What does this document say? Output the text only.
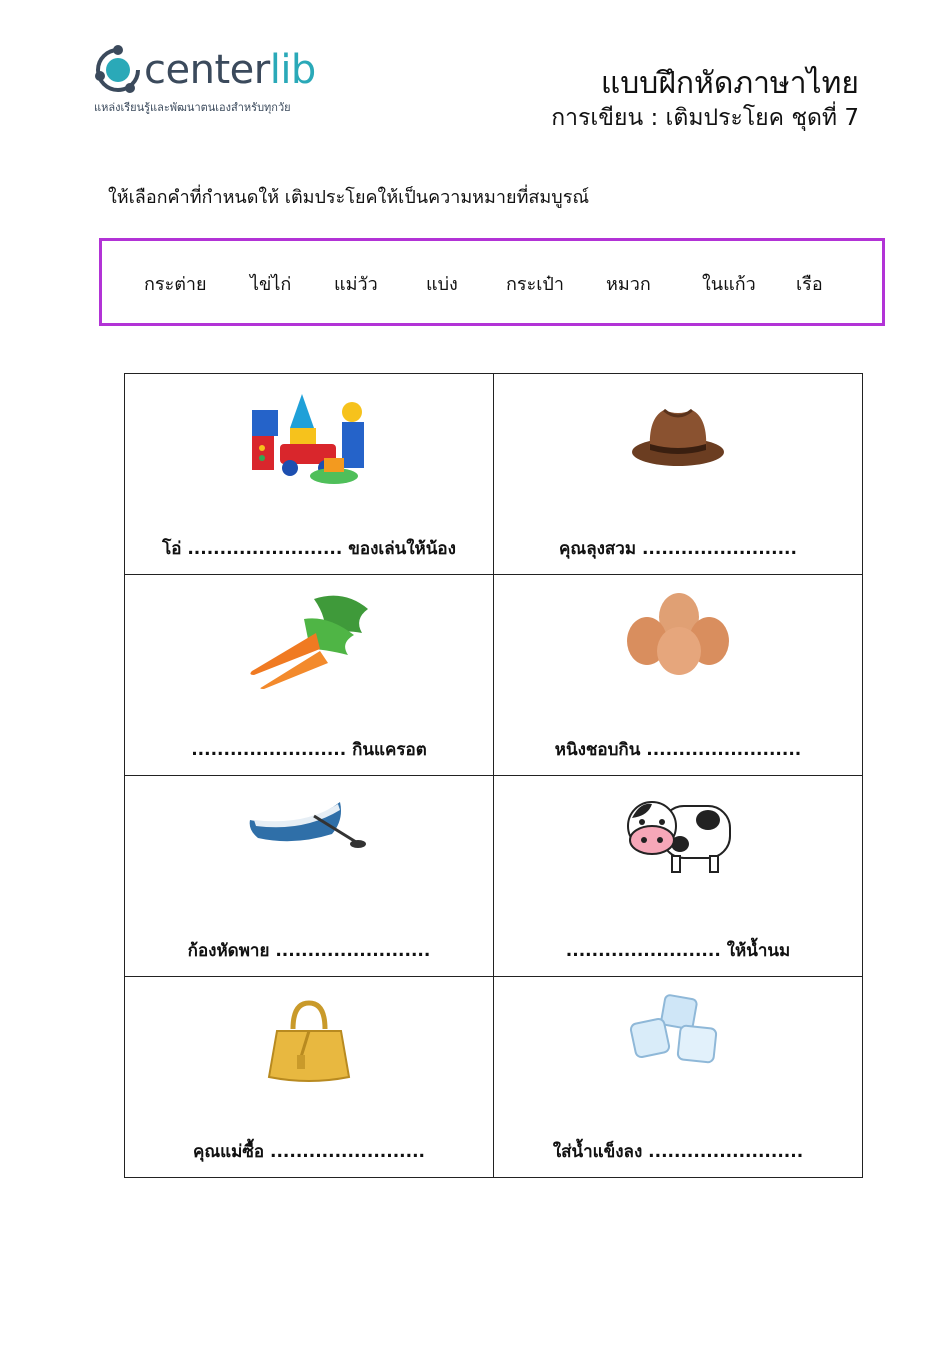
centerlib
แหล่งเรียนรู้และพัฒนาตนเองสำหรับทุกวัย
แบบฝึกหัดภาษาไทย
การเขียน : เติมประโยค ชุดที่ 7
ให้เลือกคำที่กำหนดให้ เติมประโยคให้เป็นความหมายที่สมบูรณ์
กระต่าย ไข่ไก่ แม่วัว	แบ่ง	กระเป๋า หมวก	ในแก้ว เรือ
โอ่ ........................ ของเล่นให้น้อง	คุณลุงสวม ........................

........................ กินแครอต	หนิงชอบกิน ........................

ก้องหัดพาย ........................	........................ ให้น้ำนม

คุณแม่ซื้อ ........................	ใส่น้ำแข็งลง ........................
